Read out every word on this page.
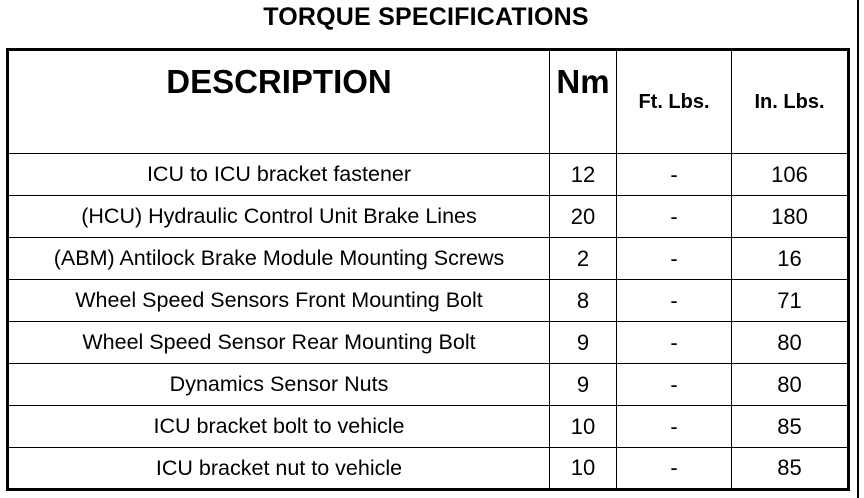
TORQUE SPECIFICATIONS
DESCRIPTION	Nm	Ft. Lbs.	In. Lbs.
ICU to ICU bracket fastener	12	-	106
(HCU) Hydraulic Control Unit Brake Lines	20	-	180
(ABM) Antilock Brake Module Mounting Screws	2	-	16
Wheel Speed Sensors Front Mounting Bolt	8	-	71
Wheel Speed Sensor Rear Mounting Bolt	9	-	80
Dynamics Sensor Nuts	9	-	80
ICU bracket bolt to vehicle	10	-	85
ICU bracket nut to vehicle	10	-	85
